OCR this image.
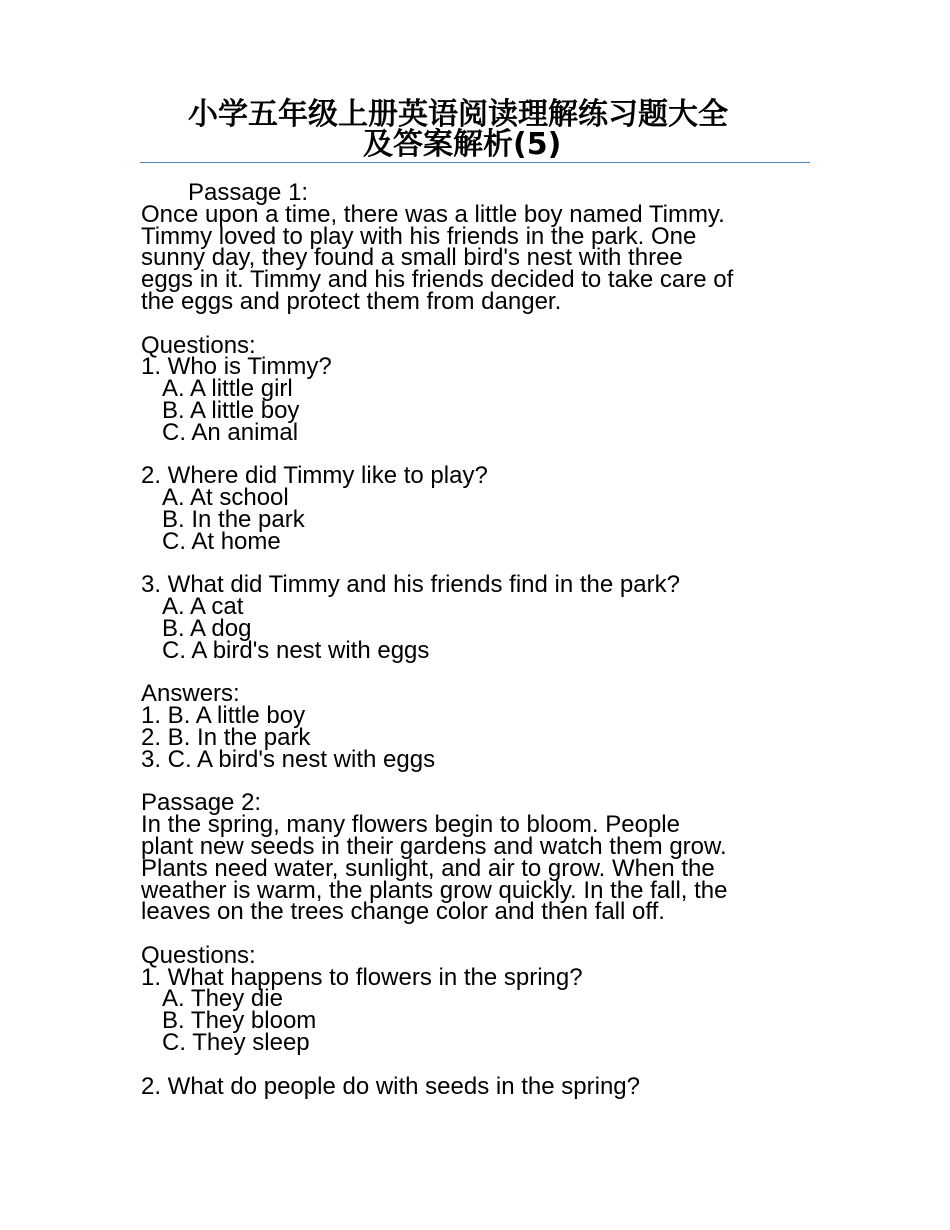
小学五年级上册英语阅读理解练习题大全
及答案解析(5)
Passage 1:
Once upon a time, there was a little boy named Timmy.
Timmy loved to play with his friends in the park. One
sunny day, they found a small bird's nest with three
eggs in it. Timmy and his friends decided to take care of
the eggs and protect them from danger.
Questions:
1. Who is Timmy?
A. A little girl
B. A little boy
C. An animal
2. Where did Timmy like to play?
A. At school
B. In the park
C. At home
3. What did Timmy and his friends find in the park?
A. A cat
B. A dog
C. A bird's nest with eggs
Answers:
1. B. A little boy
2. B. In the park
3. C. A bird's nest with eggs
Passage 2:
In the spring, many flowers begin to bloom. People
plant new seeds in their gardens and watch them grow.
Plants need water, sunlight, and air to grow. When the
weather is warm, the plants grow quickly. In the fall, the
leaves on the trees change color and then fall off.
Questions:
1. What happens to flowers in the spring?
A. They die
B. They bloom
C. They sleep
2. What do people do with seeds in the spring?
